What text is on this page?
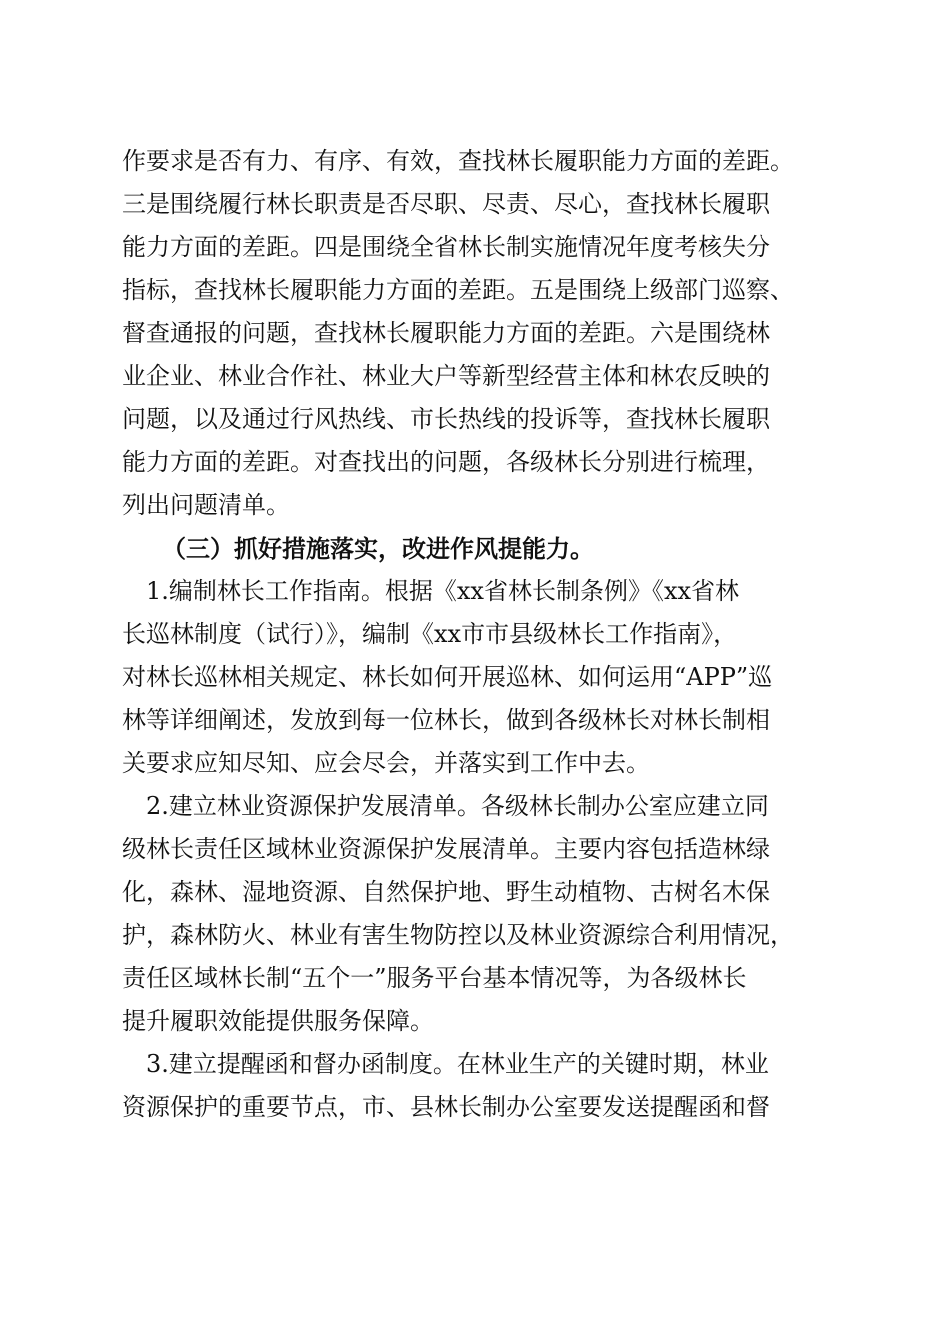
作要求是否有力、有序、有效，查找林长履职能力方面的差距。
三是围绕履行林长职责是否尽职、尽责、尽心，查找林长履职
能力方面的差距。四是围绕全省林长制实施情况年度考核失分
指标，查找林长履职能力方面的差距。五是围绕上级部门巡察、
督查通报的问题，查找林长履职能力方面的差距。六是围绕林
业企业、林业合作社、林业大户等新型经营主体和林农反映的
问题，以及通过行风热线、市长热线的投诉等，查找林长履职
能力方面的差距。对查找出的问题，各级林长分别进行梳理，
列出问题清单。
（三）抓好措施落实，改进作风提能力。
1.编制林长工作指南。根据《xx省林长制条例》《xx省林
长巡林制度（试行）》，编制《xx市市县级林长工作指南》，
对林长巡林相关规定、林长如何开展巡林、如何运用“APP”巡
林等详细阐述，发放到每一位林长，做到各级林长对林长制相
关要求应知尽知、应会尽会，并落实到工作中去。
2.建立林业资源保护发展清单。各级林长制办公室应建立同
级林长责任区域林业资源保护发展清单。主要内容包括造林绿
化，森林、湿地资源、自然保护地、野生动植物、古树名木保
护，森林防火、林业有害生物防控以及林业资源综合利用情况，
责任区域林长制“五个一”服务平台基本情况等，为各级林长
提升履职效能提供服务保障。
3.建立提醒函和督办函制度。在林业生产的关键时期，林业
资源保护的重要节点，市、县林长制办公室要发送提醒函和督
